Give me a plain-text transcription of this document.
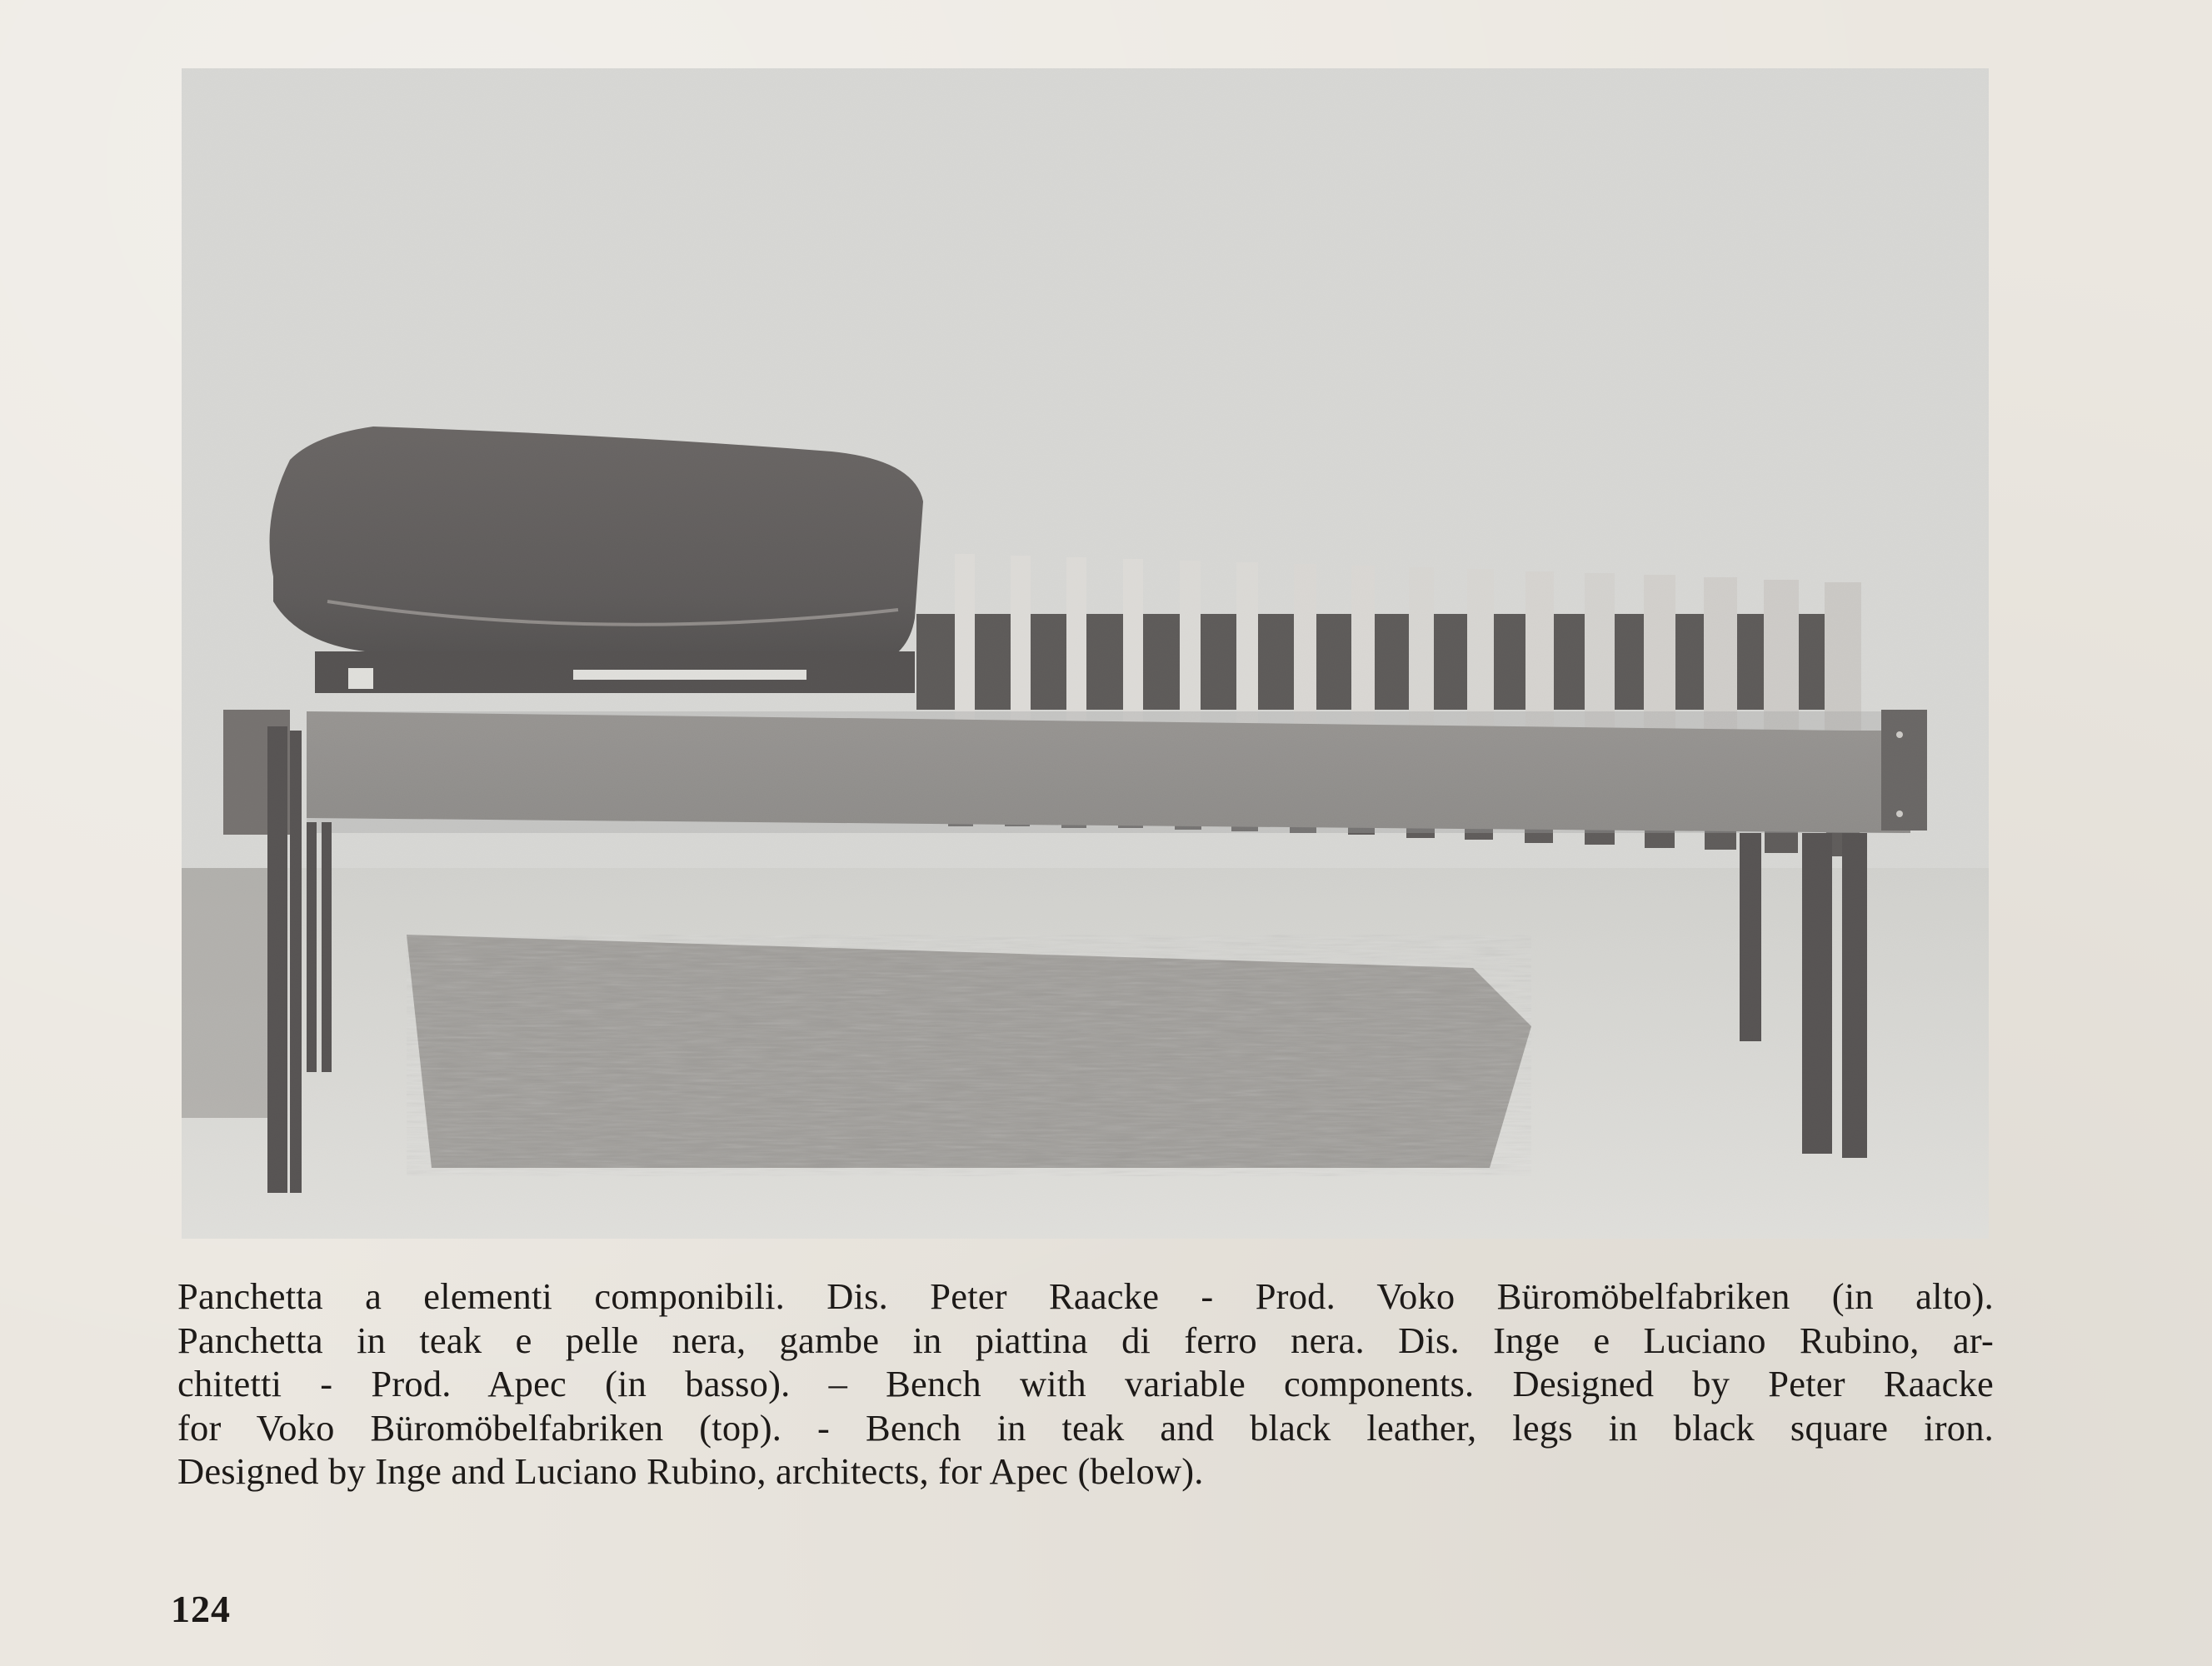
Panchetta a elementi componibili. Dis. Peter Raacke - Prod. Voko Büromöbelfabriken (in alto).
Panchetta in teak e pelle nera, gambe in piattina di ferro nera. Dis. Inge e Luciano Rubino, ar-
chitetti - Prod. Apec (in basso). – Bench with variable components. Designed by Peter Raacke
for Voko Büromöbelfabriken (top). - Bench in teak and black leather, legs in black square iron.
Designed by Inge and Luciano Rubino, architects, for Apec (below).
124
